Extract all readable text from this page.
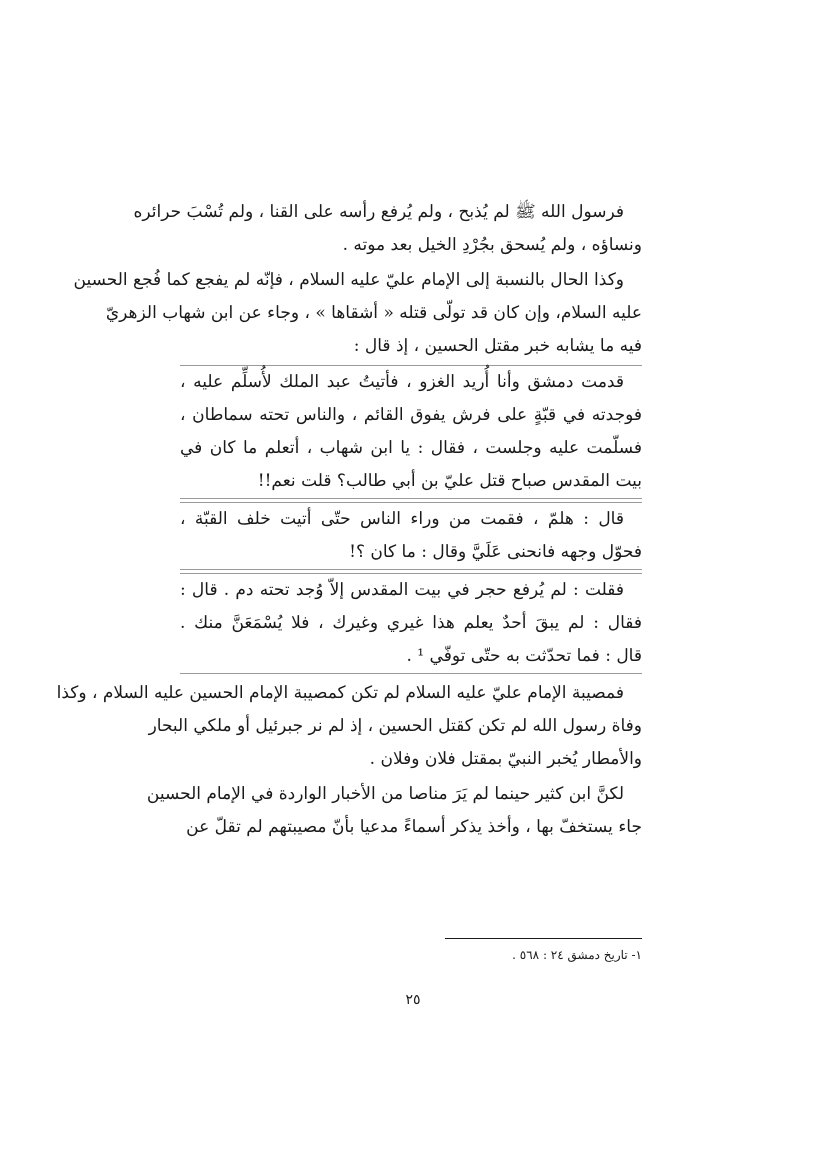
فرسول الله ﷺ لم يُذبح ، ولم يُرفع رأسه على القنا ، ولم تُسْبَ حرائره
ونساؤه ، ولم يُسحق بجُرْدِ الخيل بعد موته .
وكذا الحال بالنسبة إلى الإمام عليّ عليه السلام ، فإنّه لم يفجع كما فُجع الحسين
عليه السلام، وإن كان قد تولّى قتله « أشقاها » ، وجاء عن ابن شهاب الزهريّ
فيه ما يشابه خبر مقتل الحسين ، إذ قال :
قدمت دمشق وأنا أُريد الغزو ، فأتيتُ عبد الملك لأُسلِّم عليه ،
فوجدته في قبّةٍ على فرش يفوق القائم ، والناس تحته سماطان ،
فسلّمت عليه وجلست ، فقال : يا ابن شهاب ، أتعلم ما كان في
بيت المقدس صباح قتل عليّ بن أبي طالب؟ قلت نعم!!
قال : هلمّ ، فقمت من وراء الناس حتّى أتيت خلف القبّة ،
فحوّل وجهه فانحنى عَلَيَّ وقال : ما كان ؟!
فقلت : لم يُرفع حجر في بيت المقدس إلاّ وُجد تحته دم . قال :
فقال : لم يبقَ أحدٌ يعلم هذا غيري وغيرك ، فلا يُسْمَعَنَّ منك .
قال : فما تحدّثت به حتّى توفّي ¹ .
فمصيبة الإمام عليّ عليه السلام لم تكن كمصيبة الإمام الحسين عليه السلام ، وكذا
وفاة رسول الله لم تكن كقتل الحسين ، إذ لم نر جبرئيل أو ملكي البحار
والأمطار يُخبر النبيّ بمقتل فلان وفلان .
لكنَّ ابن كثير حينما لم يَرَ مناصا من الأخبار الواردة في الإمام الحسين
جاء يستخفّ بها ، وأخذ يذكر أسماءً مدعيا بأنّ مصيبتهم لم تقلّ عن
١- تاريخ دمشق ٢٤ : ٥٦٨ .
٢٥
